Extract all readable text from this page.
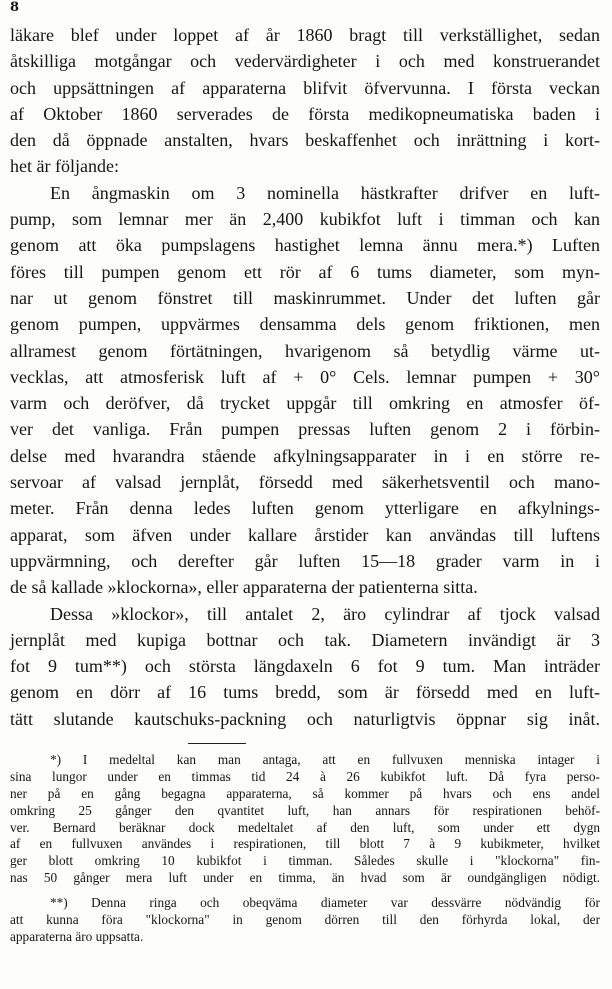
8
läkare blef under loppet af år 1860 bragt till verkställighet, sedan
åtskilliga motgångar och vedervärdigheter i och med konstruerandet
och uppsättningen af apparaterna blifvit öfvervunna. I första veckan
af Oktober 1860 serverades de första medikopneumatiska baden i
den då öppnade anstalten, hvars beskaffenhet och inrättning i kort-
het är följande:
En ångmaskin om 3 nominella hästkrafter drifver en luft-
pump, som lemnar mer än 2,400 kubikfot luft i timman och kan
genom att öka pumpslagens hastighet lemna ännu mera.*) Luften
föres till pumpen genom ett rör af 6 tums diameter, som myn-
nar ut genom fönstret till maskinrummet. Under det luften går
genom pumpen, uppvärmes densamma dels genom friktionen, men
allramest genom förtätningen, hvarigenom så betydlig värme ut-
vecklas, att atmosferisk luft af + 0° Cels. lemnar pumpen + 30°
varm och deröfver, då trycket uppgår till omkring en atmosfer öf-
ver det vanliga. Från pumpen pressas luften genom 2 i förbin-
delse med hvarandra stående afkylningsapparater in i en större re-
servoar af valsad jernplåt, försedd med säkerhetsventil och mano-
meter. Från denna ledes luften genom ytterligare en afkylnings-
apparat, som äfven under kallare årstider kan användas till luftens
uppvärmning, och derefter går luften 15—18 grader varm in i
de så kallade »klockorna», eller apparaterna der patienterna sitta.
Dessa »klockor», till antalet 2, äro cylindrar af tjock valsad
jernplåt med kupiga bottnar och tak. Diametern invändigt är 3
fot 9 tum**) och största längdaxeln 6 fot 9 tum. Man inträder
genom en dörr af 16 tums bredd, som är försedd med en luft-
tätt slutande kautschuks-packning och naturligtvis öppnar sig inåt.
*) I medeltal kan man antaga, att en fullvuxen menniska intager i
sina lungor under en timmas tid 24 à 26 kubikfot luft. Då fyra perso-
ner på en gång begagna apparaterna, så kommer på hvars och ens andel
omkring 25 gånger den qvantitet luft, han annars för respirationen behöf-
ver. Bernard beräknar dock medeltalet af den luft, som under ett dygn
af en fullvuxen användes i respirationen, till blott 7 à 9 kubikmeter, hvilket
ger blott omkring 10 kubikfot i timman. Således skulle i "klockorna" fin-
nas 50 gånger mera luft under en timma, än hvad som är oundgängligen nödigt.
**) Denna ringa och obeqväma diameter var dessvärre nödvändig för
att kunna föra "klockorna" in genom dörren till den förhyrda lokal, der
apparaterna äro uppsatta.
